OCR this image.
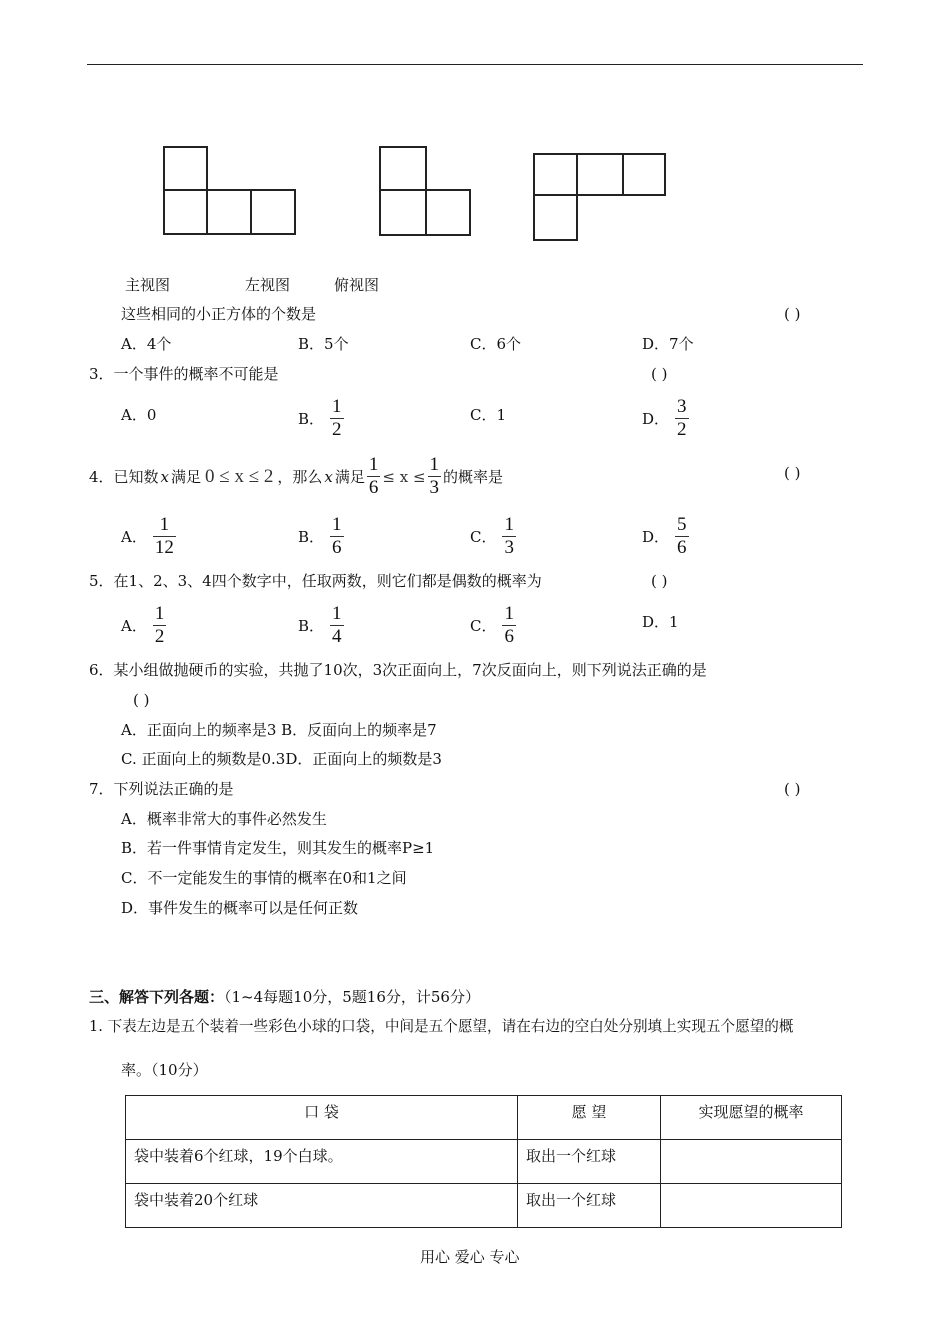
主视图	左视图	俯视图
这些相同的小正方体的个数是	( )
A．4个	B．5个	C．6个	D．7个
3．一个事件的概率不可能是	( )
A．0	B． $\frac{1}{2}$	C．1	D． $\frac{3}{2}$
4．已知数 x 满足 0 ≤ x ≤ 2 ，那么 x 满足 $\frac{1}{6} \le x \le \frac{1}{3}$ 的概率是	( )
A． $\frac{1}{12}$	B． $\frac{1}{6}$	C． $\frac{1}{3}$	D． $\frac{5}{6}$
5．在1、2、3、4四个数字中，任取两数，则它们都是偶数的概率为	( )
A． $\frac{1}{2}$	B． $\frac{1}{4}$	C． $\frac{1}{6}$	D．1
6．某小组做抛硬币的实验，共抛了10次，3次正面向上，7次反面向上，则下列说法正确的是
( )
A．正面向上的频率是3 B．反面向上的频率是7
C. 正面向上的频数是0.3D．正面向上的频数是3
7．下列说法正确的是	( )
A．概率非常大的事件必然发生
B．若一件事情肯定发生，则其发生的概率P≥1
C．不一定能发生的事情的概率在0和1之间
D．事件发生的概率可以是任何正数
三、解答下列各题：（1~4每题10分，5题16分，计56分）
1. 下表左边是五个装着一些彩色小球的口袋，中间是五个愿望，请在右边的空白处分别填上实现五个愿望的概
率。（10分）
口 袋	愿 望	实现愿望的概率
袋中装着6个红球，19个白球。	取出一个红球	
袋中装着20个红球	取出一个红球	
用心 爱心 专心
